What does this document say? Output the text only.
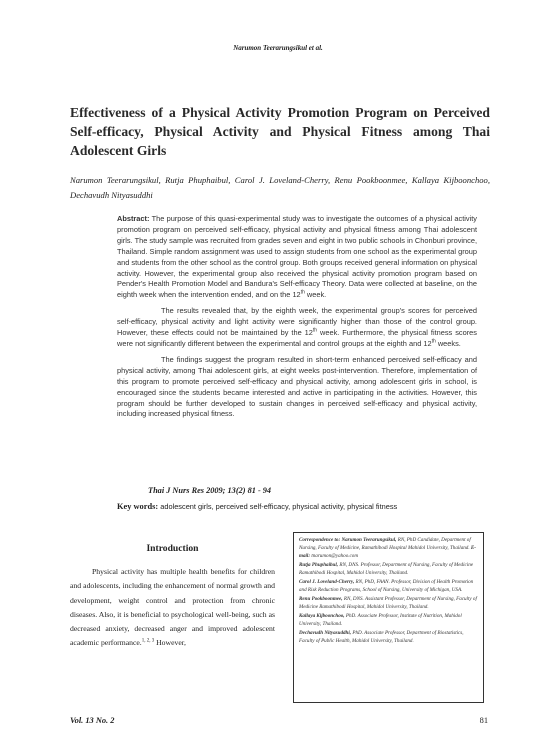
Narumon Teerarungsikul et al.
Effectiveness of a Physical Activity Promotion Program on Perceived Self-efficacy, Physical Activity and Physical Fitness among Thai Adolescent Girls
Narumon Teerarungsikul, Rutja Phuphaibul, Carol J. Loveland-Cherry, Renu Pookboonmee, Kallaya Kijboonchoo, Dechavudh Nityasuddhi

Abstract: The purpose of this quasi-experimental study was to investigate the outcomes of a physical activity promotion program on perceived self-efficacy, physical activity and physical fitness among Thai adolescent girls. The study sample was recruited from grades seven and eight in two public schools in Chonburi province, Thailand. Simple random assignment was used to assign students from one school as the experimental group and students from the other school as the control group. Both groups received general information on physical activity. However, the experimental group also received the physical activity promotion program based on Pender's Health Promotion Model and Bandura's Self-efficacy Theory. Data were collected at baseline, on the eighth week when the intervention ended, and on the 12th week.

The results revealed that, by the eighth week, the experimental group's scores for perceived self-efficacy, physical activity and light activity were significantly higher than those of the control group. However, these effects could not be maintained by the 12th week. Furthermore, the physical fitness scores were not significantly different between the experimental and control groups at the eighth and 12th weeks.

The findings suggest the program resulted in short-term enhanced perceived self-efficacy and physical activity, among Thai adolescent girls, at eight weeks post-intervention. Therefore, implementation of this program to promote perceived self-efficacy and physical activity, among adolescent girls in school, is encouraged since the students became interested and active in participating in the activities. However, this program should be further developed to sustain changes in perceived self-efficacy and physical activity, including increased physical fitness.

Thai J Nurs Res 2009; 13(2) 81 - 94
Key words: adolescent girls, perceived self-efficacy, physical activity, physical fitness
Introduction

Physical activity has multiple health benefits for children and adolescents, including the enhancement of normal growth and development, weight control and protection from chronic diseases. Also, it is beneficial to psychological well-being, such as decreased anxiety, decreased anger and improved adolescent academic performance.$^{1, 2, 3}$ However,

Correspondence to: Narumon Teerarungsikul, RN, PhD Candidate, Department of Nursing, Faculty of Medicine, Ramathibodi Hospital Mahidol University, Thailand. E-mail: tnarumon@yahoo.com

Rutja Phuphaibul, RN, DNS. Professor, Department of Nursing, Faculty of Medicine Ramathibodi Hospital, Mahidol University, Thailand.

Carol J. Loveland-Cherry, RN, PhD, FAAN. Professor, Division of Health Promotion and Risk Reduction Programs, School of Nursing, University of Michigan, USA.

Renu Pookboonmee, RN, DNS. Assistant Professor, Department of Nursing, Faculty of Medicine Ramathibodi Hospital, Mahidol University, Thailand.

Kallaya Kijboonchoo, PhD. Associate Professor, Institute of Nutrition, Mahidol University, Thailand.

Dechavudh Nityasuddhi, PhD. Associate Professor, Department of Biostatistics, Faculty of Public Health, Mahidol University, Thailand.

Vol. 13 No. 2	81
